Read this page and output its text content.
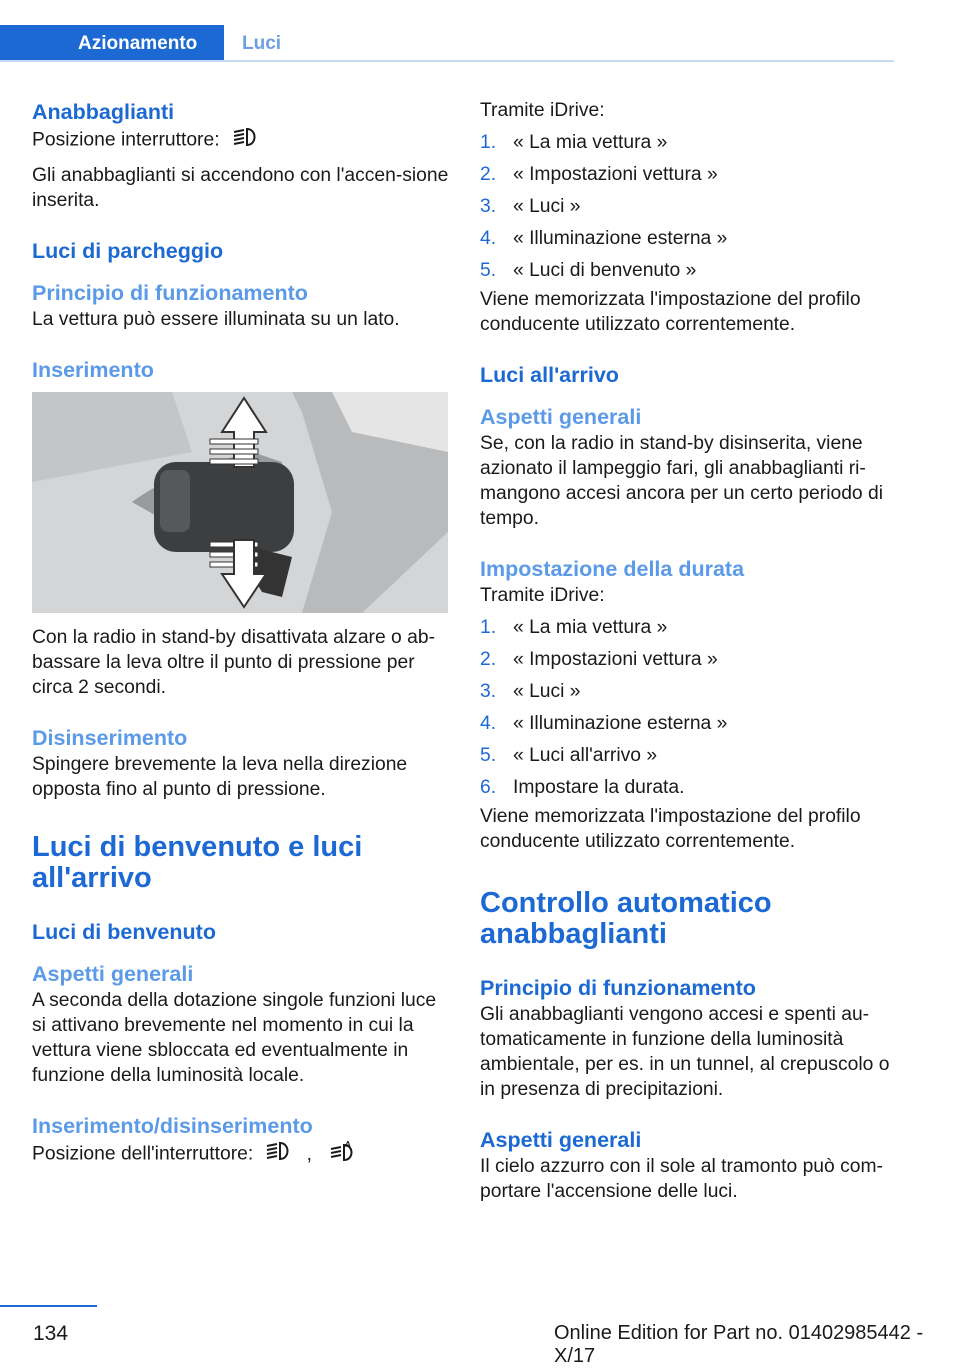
Azionamento	Luci
Anabbaglianti

Posizione interruttore:

Gli anabbaglianti si accendono con l'accen-sione inserita.

Luci di parcheggio
Principio di funzionamento

La vettura può essere illuminata su un lato.

Inserimento

Con la radio in stand-by disattivata alzare o ab-bassare la leva oltre il punto di pressione per circa 2 secondi.

Disinserimento

Spingere brevemente la leva nella direzione opposta fino al punto di pressione.

Luci di benvenuto e luci all'arrivo
Luci di benvenuto
Aspetti generali

A seconda della dotazione singole funzioni luce si attivano brevemente nel momento in cui la vettura viene sbloccata ed eventualmente in funzione della luminosità locale.

Inserimento/disinserimento

Posizione dell'interruttore:	,	A

Tramite iDrive:

1. « La mia vettura »
2. « Impostazioni vettura »
3. « Luci »
4. « Illuminazione esterna »
5. « Luci di benvenuto »

Viene memorizzata l'impostazione del profilo conducente utilizzato correntemente.

Luci all'arrivo
Aspetti generali

Se, con la radio in stand-by disinserita, viene azionato il lampeggio fari, gli anabbaglianti ri-mangono accesi ancora per un certo periodo di tempo.

Impostazione della durata

Tramite iDrive:

1. « La mia vettura »
2. « Impostazioni vettura »
3. « Luci »
4. « Illuminazione esterna »
5. « Luci all'arrivo »
6. Impostare la durata.

Viene memorizzata l'impostazione del profilo conducente utilizzato correntemente.

Controllo automatico anabbaglianti
Principio di funzionamento

Gli anabbaglianti vengono accesi e spenti au-tomaticamente in funzione della luminosità ambientale, per es. in un tunnel, al crepuscolo o in presenza di precipitazioni.

Aspetti generali

Il cielo azzurro con il sole al tramonto può com-portare l'accensione delle luci.

134	Online Edition for Part no. 01402985442 - X/17
